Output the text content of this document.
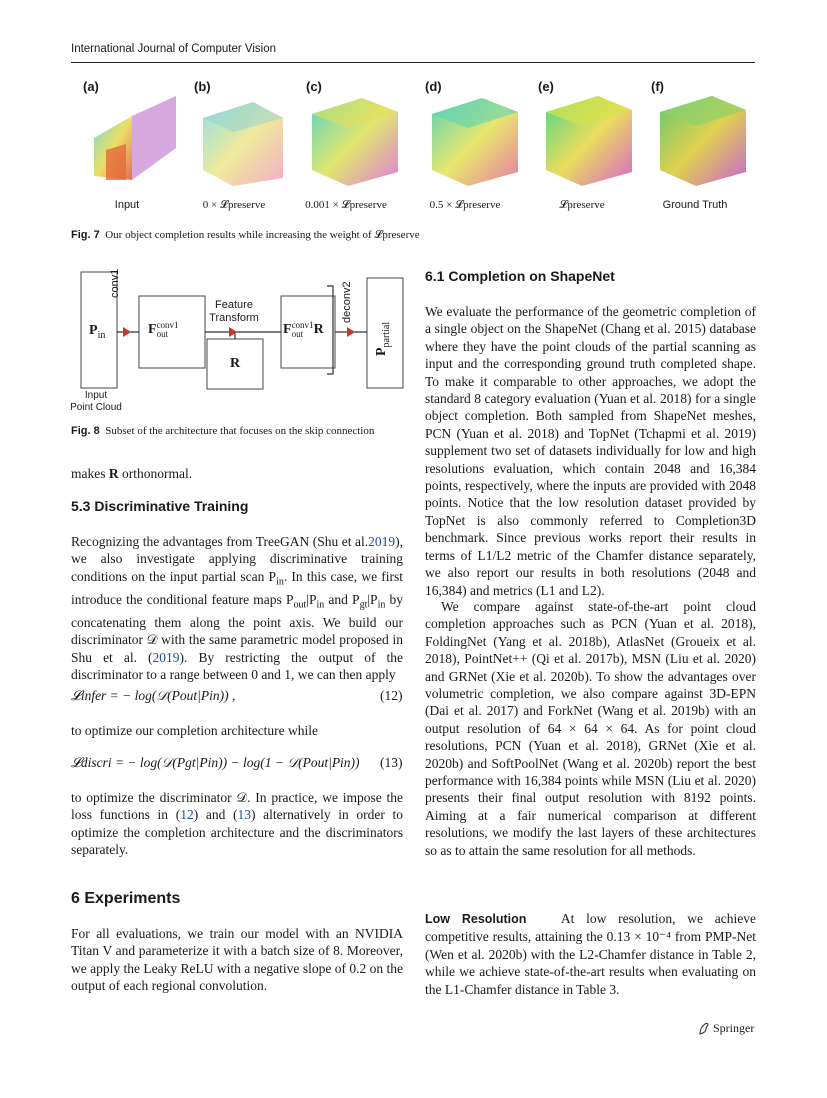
International Journal of Computer Vision
(a)	(b)	(c)	(d)	(e)	(f)
Input	0 × 𝓛preserve	0.001 × 𝓛preserve	0.5 × 𝓛preserve	𝓛preserve	Ground Truth
Fig. 7 Our object completion results while increasing the weight of 𝓛preserve
$P_{in}$
conv1
F conv1
out
Feature
Transform
R
F conv1
out R
deconv2
$P_{partial}$
Input
Point Cloud
Fig. 8 Subset of the architecture that focuses on the skip connection
makes R orthonormal.
5.3 Discriminative Training
Recognizing the advantages from TreeGAN (Shu et al.2019), we also investigate applying discriminative training conditions on the input partial scan $P_{in}$. In this case, we first introduce the conditional feature maps $P_{out}|P_{in}$ and $P_{gt}|P_{in}$ by concatenating them along the point axis. We build our discriminator 𝒟 with the same parametric model proposed in Shu et al. (2019). By restricting the output of the discriminator to a range between 0 and 1, we can then apply
𝓛infer = − log(𝒟(Pout|Pin)) ,	(12)
to optimize our completion architecture while
𝓛discri = − log(𝒟(Pgt|Pin)) − log(1 − 𝒟(Pout|Pin)) (13)
to optimize the discriminator 𝒟. In practice, we impose the loss functions in (12) and (13) alternatively in order to optimize the completion architecture and the discriminators separately.
6 Experiments
For all evaluations, we train our model with an NVIDIA Titan V and parameterize it with a batch size of 8. Moreover, we apply the Leaky ReLU with a negative slope of 0.2 on the output of each regional convolution.
6.1 Completion on ShapeNet
We evaluate the performance of the geometric completion of a single object on the ShapeNet (Chang et al. 2015) database where they have the point clouds of the partial scanning as input and the corresponding ground truth completed shape. To make it comparable to other approaches, we adopt the standard 8 category evaluation (Yuan et al. 2018) for a single object completion. Both sampled from ShapeNet meshes, PCN (Yuan et al. 2018) and TopNet (Tchapmi et al. 2019) supplement two set of datasets individually for low and high resolutions evaluation, which contain 2048 and 16,384 points, respectively, where the inputs are provided with 2048 points. Notice that the low resolution dataset provided by TopNet is also commonly referred to Completion3D benchmark. Since previous works report their results in terms of L1/L2 metric of the Chamfer distance separately, we also report our results in both resolutions (2048 and 16,384) and metrics (L1 and L2).
We compare against state-of-the-art point cloud completion approaches such as PCN (Yuan et al. 2018), FoldingNet (Yang et al. 2018b), AtlasNet (Groueix et al. 2018), PointNet++ (Qi et al. 2017b), MSN (Liu et al. 2020) and GRNet (Xie et al. 2020b). To show the advantages over volumetric completion, we also compare against 3D-EPN (Dai et al. 2017) and ForkNet (Wang et al. 2019b) with an output resolution of 64 × 64 × 64. As for point cloud resolutions, PCN (Yuan et al. 2018), GRNet (Xie et al. 2020b) and SoftPoolNet (Wang et al. 2020b) report the best performance with 16,384 points while MSN (Liu et al. 2020) presents their final output resolution with 8192 points. Aiming at a fair numerical comparison at different resolutions, we modify the last layers of these architectures so as to attain the same resolution for all methods.
Low Resolution	At low resolution, we achieve competitive results, attaining the 0.13 × 10⁻⁴ from PMP-Net (Wen et al. 2020b) with the L2-Chamfer distance in Table 2, while we achieve state-of-the-art results when evaluating on the L1-Chamfer distance in Table 3.
Springer
